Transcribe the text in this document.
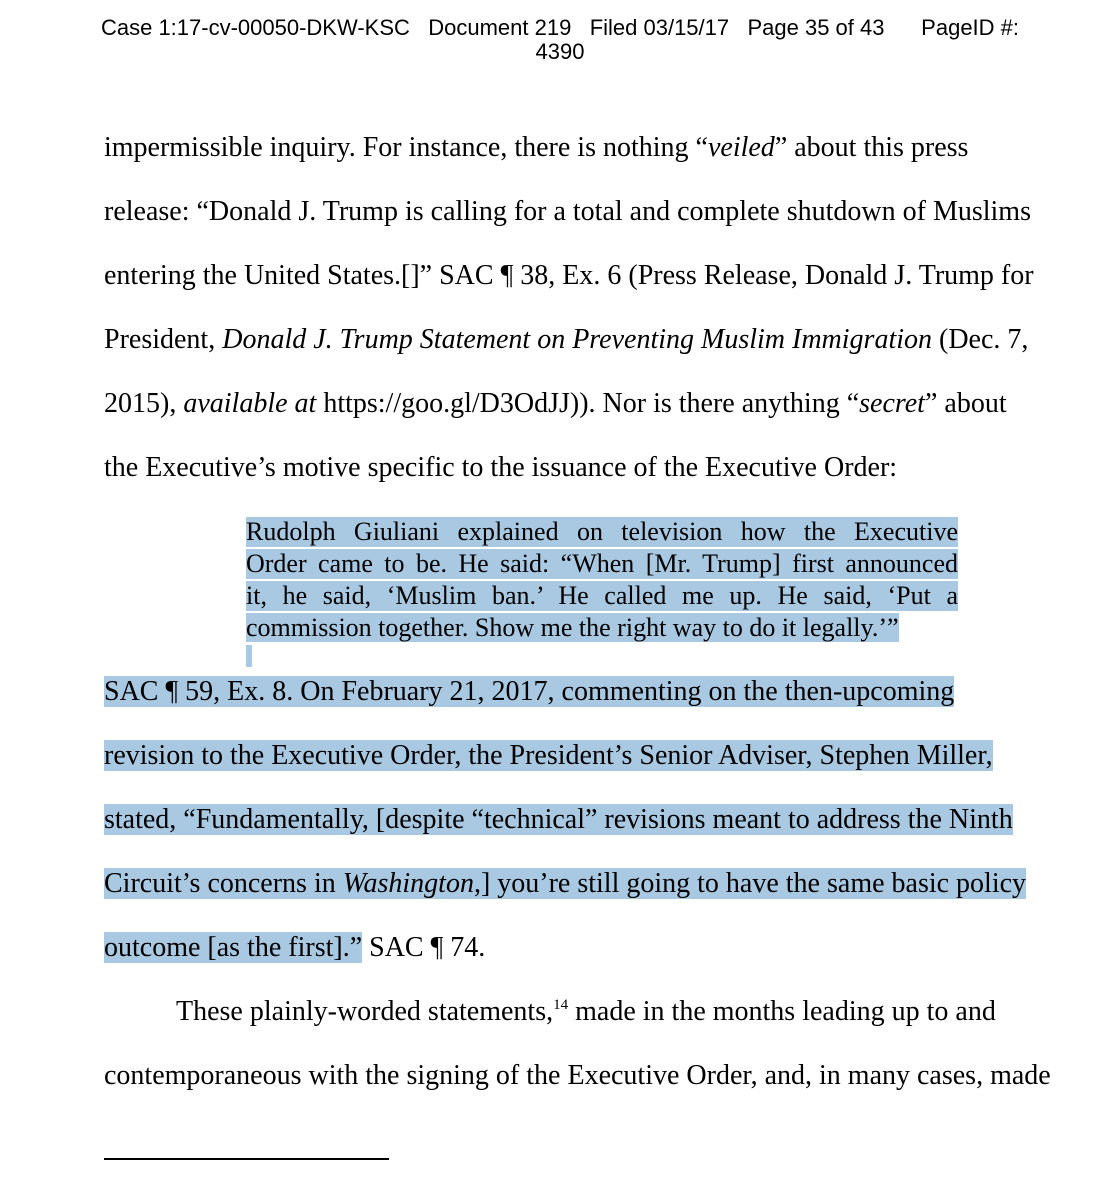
Case 1:17-cv-00050-DKW-KSC Document 219 Filed 03/15/17 Page 35 of 43 PageID #:
4390
impermissible inquiry. For instance, there is nothing “veiled” about this press
release: “Donald J. Trump is calling for a total and complete shutdown of Muslims
entering the United States.[]” SAC ¶ 38, Ex. 6 (Press Release, Donald J. Trump for
President, Donald J. Trump Statement on Preventing Muslim Immigration (Dec. 7,
2015), available at https://goo.gl/D3OdJJ)). Nor is there anything “secret” about
the Executive’s motive specific to the issuance of the Executive Order:
SAC ¶ 59, Ex. 8. On February 21, 2017, commenting on the then-upcoming
revision to the Executive Order, the President’s Senior Adviser, Stephen Miller,
stated, “Fundamentally, [despite “technical” revisions meant to address the Ninth
Circuit’s concerns in Washington,] you’re still going to have the same basic policy
outcome [as the first].” SAC ¶ 74.
These plainly-worded statements,$^{14}$ made in the months leading up to and
contemporaneous with the signing of the Executive Order, and, in many cases, made
Rudolph Giuliani explained on television how the Executive
Order came to be. He said: “When [Mr. Trump] first announced
it, he said, ‘Muslim ban.’ He called me up. He said, ‘Put a
commission together. Show me the right way to do it legally.’”
